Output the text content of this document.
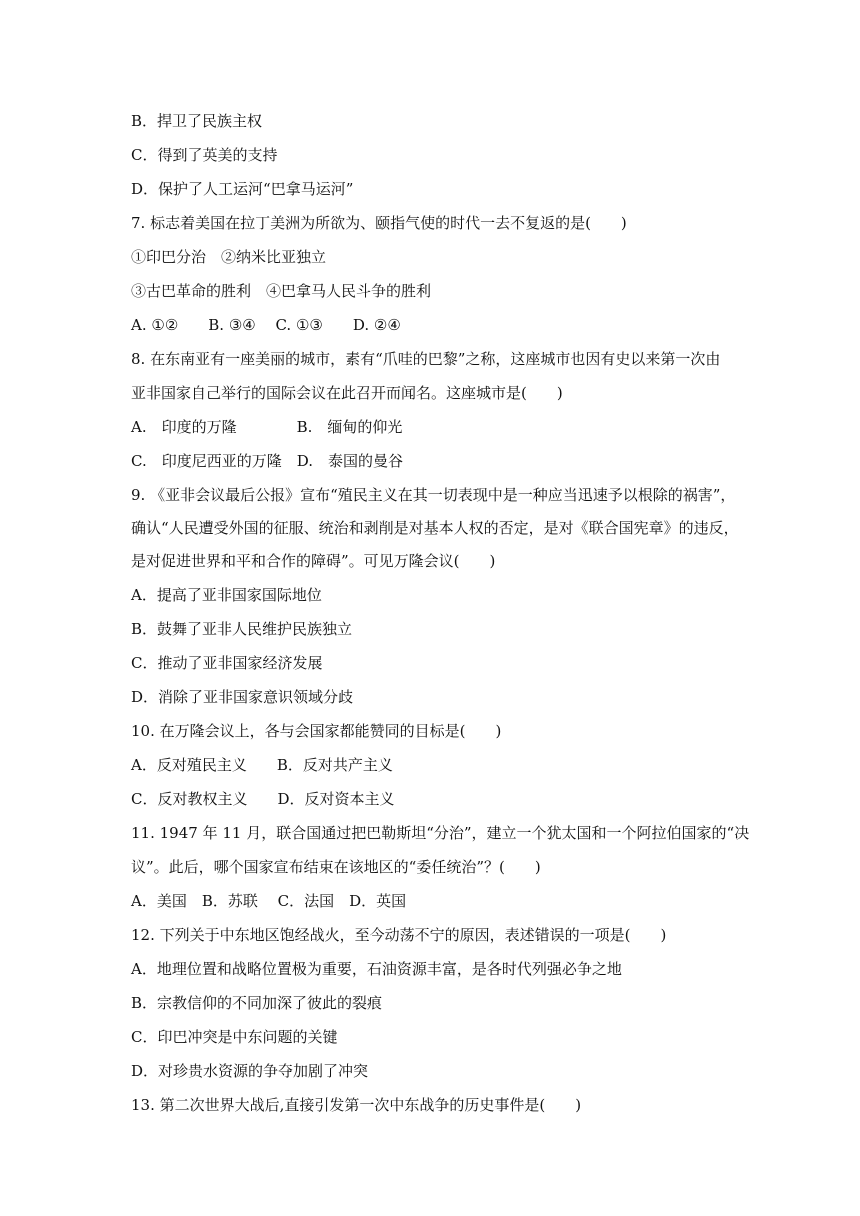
B．捍卫了民族主权
C．得到了英美的支持
D．保护了人工运河“巴拿马运河”
7. 标志着美国在拉丁美洲为所欲为、颐指气使的时代一去不复返的是(　　)
①印巴分治　②纳米比亚独立
③古巴革命的胜利　④巴拿马人民斗争的胜利
A. ①②　　B. ③④　 C. ①③　　D. ②④
8. 在东南亚有一座美丽的城市，素有“爪哇的巴黎”之称，这座城市也因有史以来第一次由
亚非国家自己举行的国际会议在此召开而闻名。这座城市是(　　)
A.　印度的万隆　　　　B.　缅甸的仰光
C.　印度尼西亚的万隆　D.　泰国的曼谷
9. 《亚非会议最后公报》宣布“殖民主义在其一切表现中是一种应当迅速予以根除的祸害”，
确认“人民遭受外国的征服、统治和剥削是对基本人权的否定，是对《联合国宪章》的违反，
是对促进世界和平和合作的障碍”。可见万隆会议(　　)
A．提高了亚非国家国际地位
B．鼓舞了亚非人民维护民族独立
C．推动了亚非国家经济发展
D．消除了亚非国家意识领域分歧
10. 在万隆会议上，各与会国家都能赞同的目标是(　　)
A．反对殖民主义　　B．反对共产主义
C．反对教权主义　　D．反对资本主义
11. 1947 年 11 月，联合国通过把巴勒斯坦“分治”，建立一个犹太国和一个阿拉伯国家的“决
议”。此后，哪个国家宣布结束在该地区的“委任统治”？(　　)
A．美国　B．苏联　 C．法国　D．英国
12. 下列关于中东地区饱经战火，至今动荡不宁的原因，表述错误的一项是(　　)
A．地理位置和战略位置极为重要，石油资源丰富，是各时代列强必争之地
B．宗教信仰的不同加深了彼此的裂痕
C．印巴冲突是中东问题的关键
D．对珍贵水资源的争夺加剧了冲突
13. 第二次世界大战后,直接引发第一次中东战争的历史事件是(　　)
